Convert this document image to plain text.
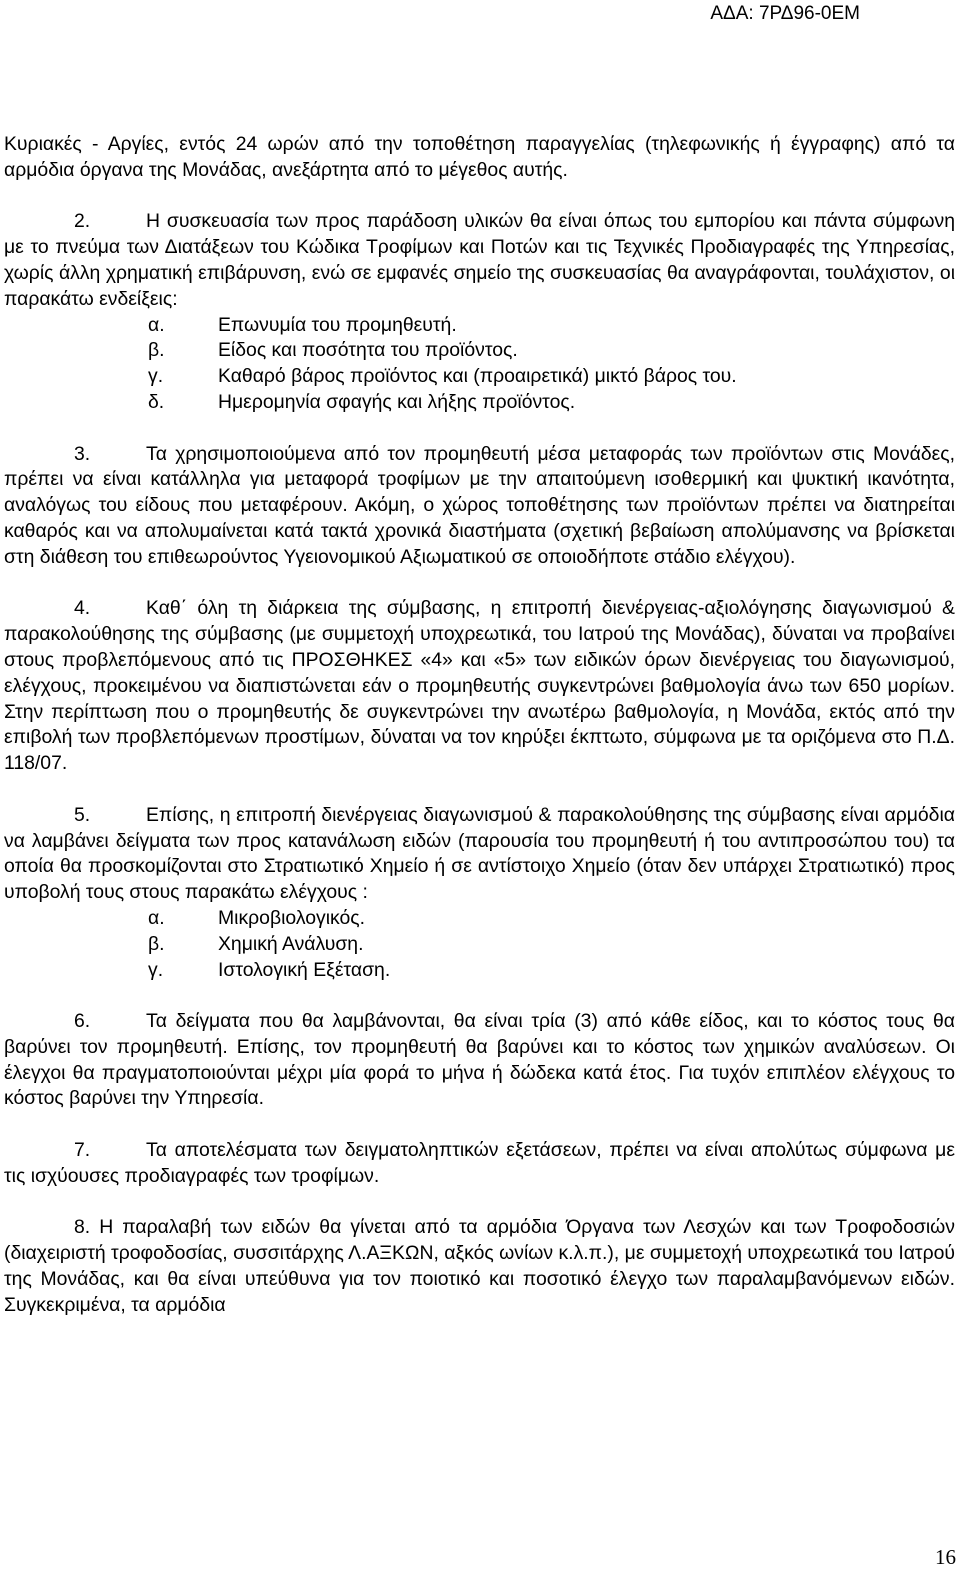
ΑΔΑ: 7ΡΔ96-0ΕΜ

Κυριακές - Αργίες, εντός 24 ωρών από την τοποθέτηση παραγγελίας (τηλεφωνικής ή έγγραφης) από τα αρμόδια όργανα της Μονάδας, ανεξάρτητα από το μέγεθος αυτής.

2.	Η συσκευασία των προς παράδοση υλικών θα είναι όπως του εμπορίου και πάντα σύμφωνη με το πνεύμα των Διατάξεων του Κώδικα Τροφίμων και Ποτών και τις Τεχνικές Προδιαγραφές της Υπηρεσίας, χωρίς άλλη χρηματική επιβάρυνση, ενώ σε εμφανές σημείο της συσκευασίας θα αναγράφονται, τουλάχιστον, οι παρακάτω ενδείξεις:

α.	Επωνυμία του προμηθευτή.
β.	Είδος και ποσότητα του προϊόντος.
γ.	Καθαρό βάρος προϊόντος και (προαιρετικά) μικτό βάρος του.
δ.	Ημερομηνία σφαγής και λήξης προϊόντος.

3.	Τα χρησιμοποιούμενα από τον προμηθευτή μέσα μεταφοράς των προϊόντων στις Μονάδες, πρέπει να είναι κατάλληλα για μεταφορά τροφίμων με την απαιτούμενη ισοθερμική και ψυκτική ικανότητα, αναλόγως του είδους που μεταφέρουν. Ακόμη, ο χώρος τοποθέτησης των προϊόντων πρέπει να διατηρείται καθαρός και να απολυμαίνεται κατά τακτά χρονικά διαστήματα (σχετική βεβαίωση απολύμανσης να βρίσκεται στη διάθεση του επιθεωρούντος Υγειονομικού Αξιωματικού σε οποιοδήποτε στάδιο ελέγχου).

4.	Καθ΄ όλη τη διάρκεια της σύμβασης, η επιτροπή διενέργειας-αξιολόγησης διαγωνισμού & παρακολούθησης της σύμβασης (με συμμετοχή υποχρεωτικά, του Ιατρού της Μονάδας), δύναται να προβαίνει στους προβλεπόμενους από τις ΠΡΟΣΘΗΚΕΣ «4» και «5» των ειδικών όρων διενέργειας του διαγωνισμού, ελέγχους, προκειμένου να διαπιστώνεται εάν ο προμηθευτής συγκεντρώνει βαθμολογία άνω των 650 μορίων. Στην περίπτωση που ο προμηθευτής δε συγκεντρώνει την ανωτέρω βαθμολογία, η Μονάδα, εκτός από την επιβολή των προβλεπόμενων προστίμων, δύναται να τον κηρύξει έκπτωτο, σύμφωνα με τα οριζόμενα στο Π.Δ. 118/07.

5.	Επίσης, η επιτροπή διενέργειας διαγωνισμού & παρακολούθησης της σύμβασης είναι αρμόδια να λαμβάνει δείγματα των προς κατανάλωση ειδών (παρουσία του προμηθευτή ή του αντιπροσώπου του) τα οποία θα προσκομίζονται στο Στρατιωτικό Χημείο ή σε αντίστοιχο Χημείο (όταν δεν υπάρχει Στρατιωτικό) προς υποβολή τους στους παρακάτω ελέγχους :

α.	Μικροβιολογικός.
β.	Χημική Ανάλυση.
γ.	Ιστολογική Εξέταση.

6.	Τα δείγματα που θα λαμβάνονται, θα είναι τρία (3) από κάθε είδος, και το κόστος τους θα βαρύνει τον προμηθευτή. Επίσης, τον προμηθευτή θα βαρύνει και το κόστος των χημικών αναλύσεων. Οι έλεγχοι θα πραγματοποιούνται μέχρι μία φορά το μήνα ή δώδεκα κατά έτος. Για τυχόν επιπλέον ελέγχους το κόστος βαρύνει την Υπηρεσία.

7.	Τα αποτελέσματα των δειγματοληπτικών εξετάσεων, πρέπει να είναι απολύτως σύμφωνα με τις ισχύουσες προδιαγραφές των τροφίμων.

8. Η παραλαβή των ειδών θα γίνεται από τα αρμόδια Όργανα των Λεσχών και των Τροφοδοσιών (διαχειριστή τροφοδοσίας, συσσιτάρχης Λ.ΑΞΚΩΝ, αξκός ωνίων κ.λ.π.), με συμμετοχή υποχρεωτικά του Ιατρού της Μονάδας, και θα είναι υπεύθυνα για τον ποιοτικό και ποσοτικό έλεγχο των παραλαμβανόμενων ειδών. Συγκεκριμένα, τα αρμόδια

16
